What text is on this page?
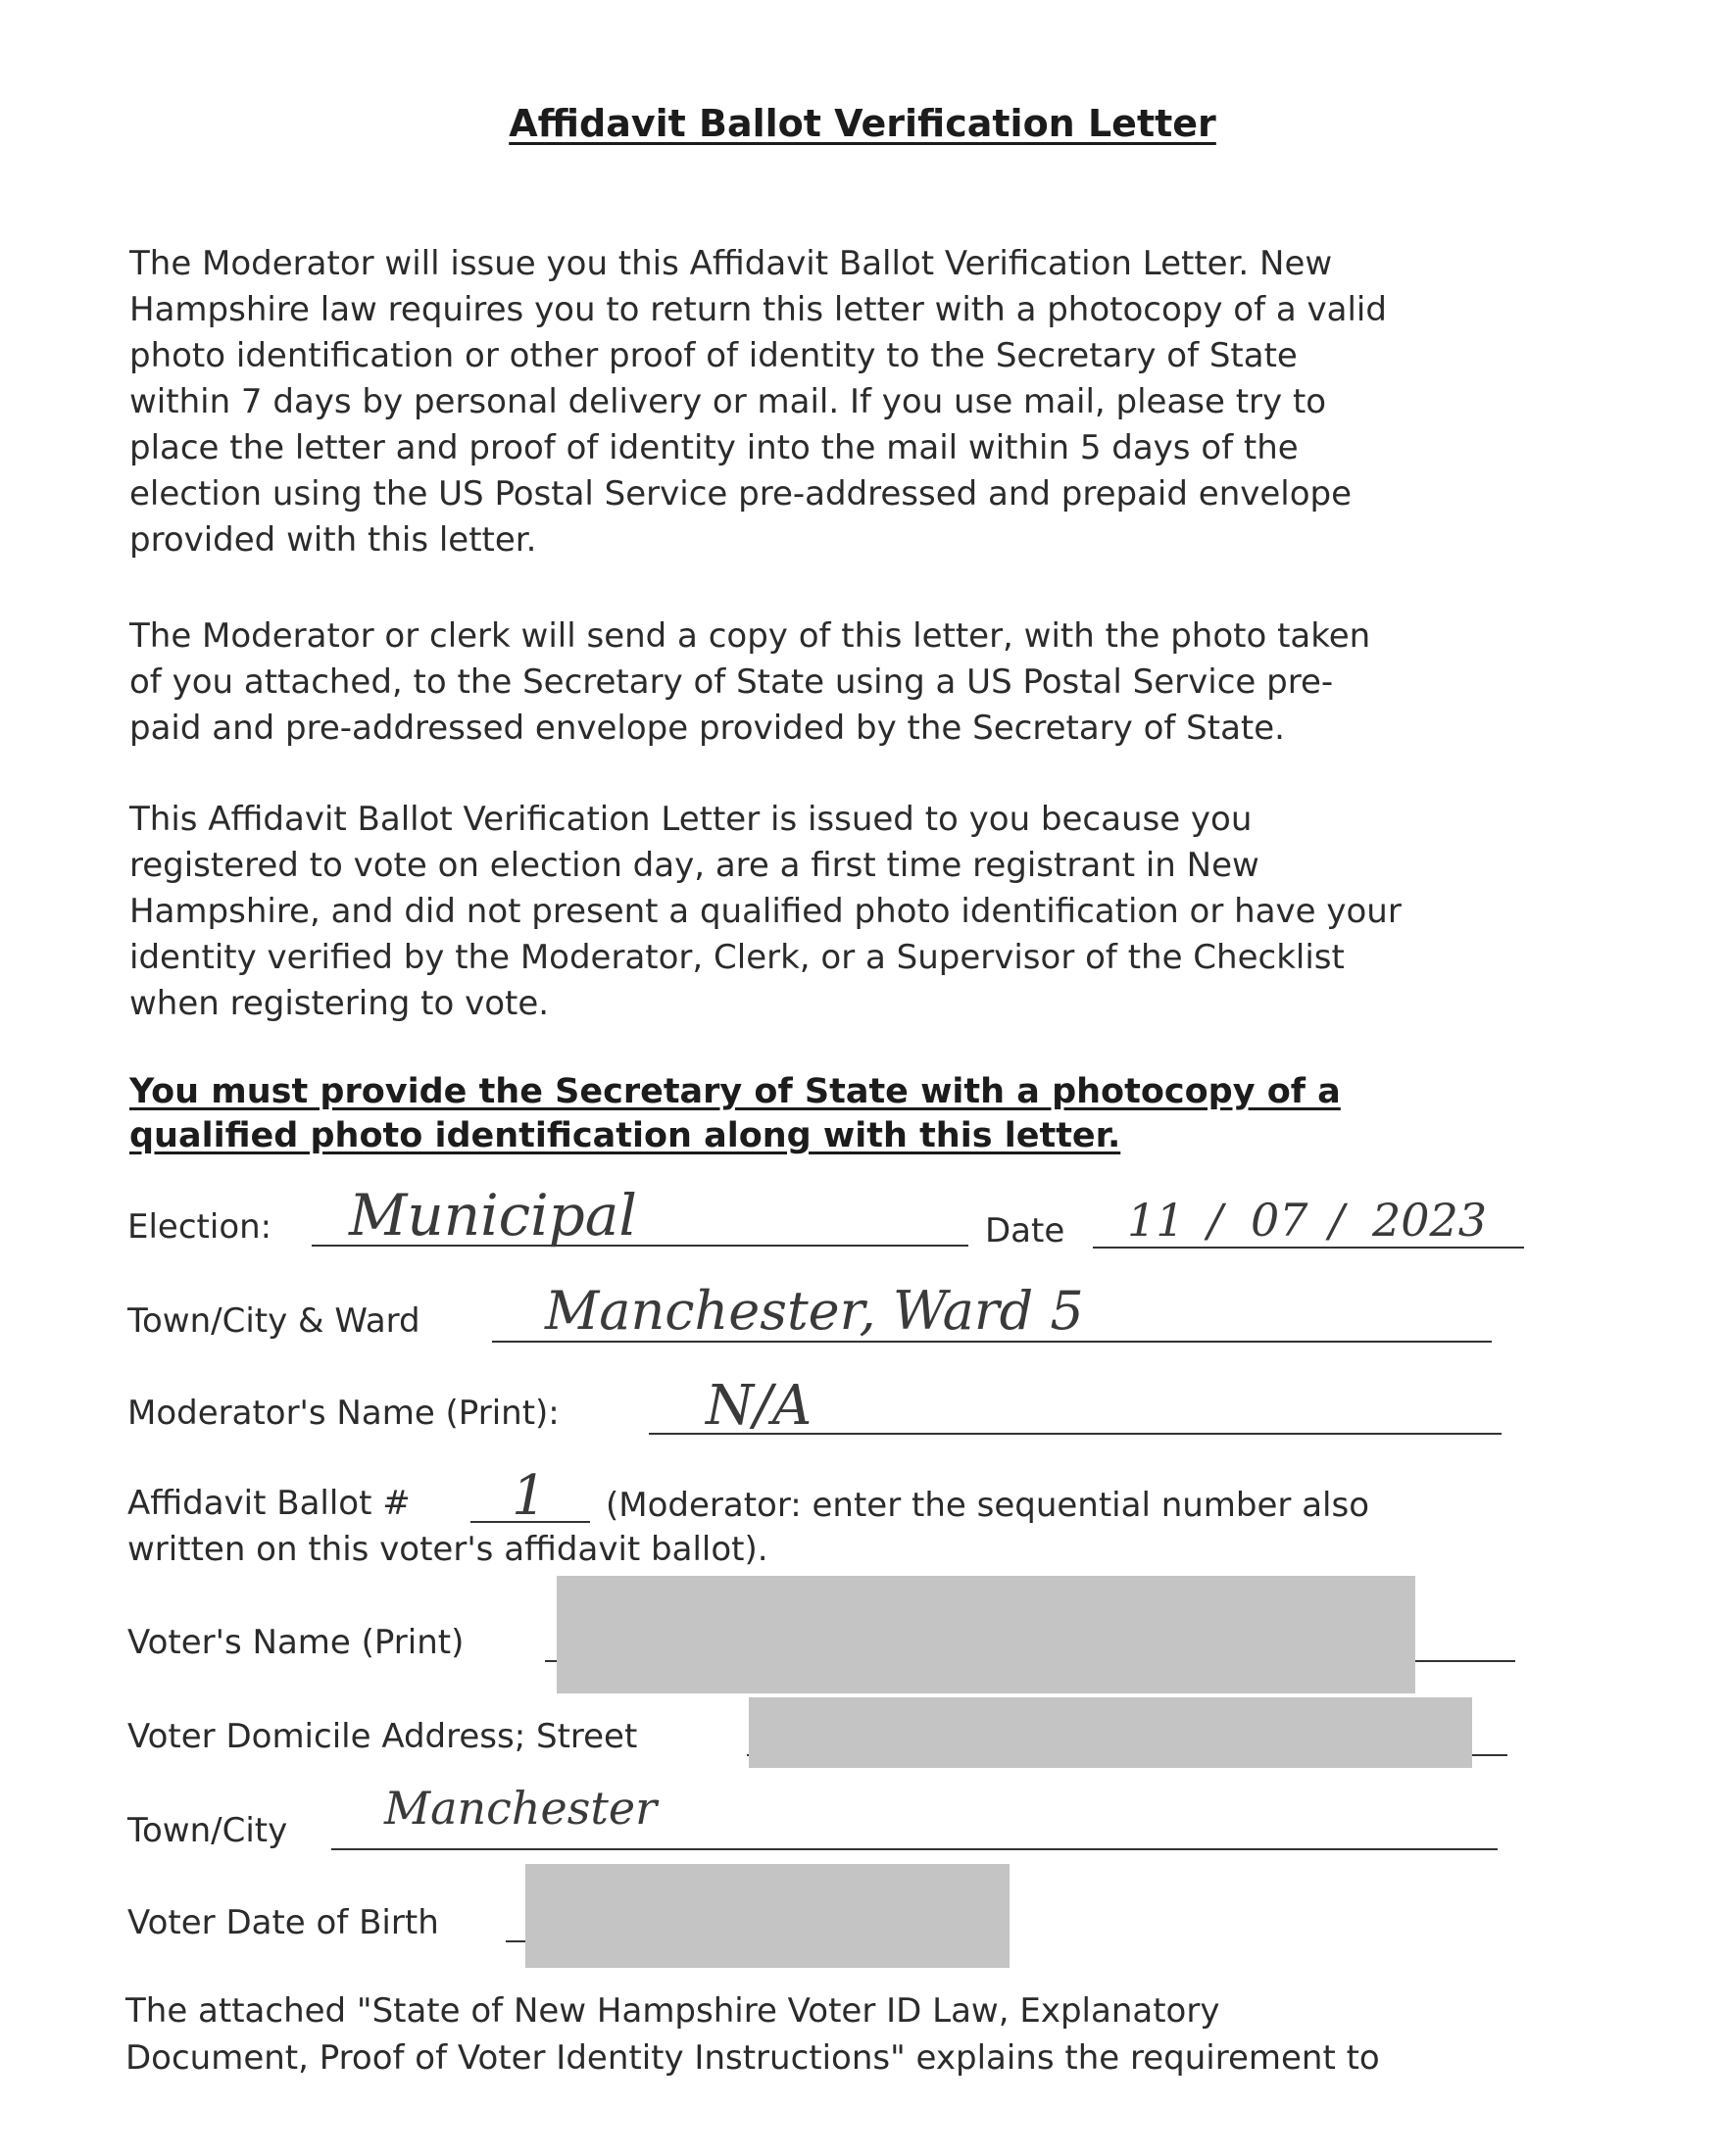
Affidavit Ballot Verification Letter
The Moderator will issue you this Affidavit Ballot Verification Letter. New
Hampshire law requires you to return this letter with a photocopy of a valid
photo identification or other proof of identity to the Secretary of State
within 7 days by personal delivery or mail. If you use mail, please try to
place the letter and proof of identity into the mail within 5 days of the
election using the US Postal Service pre-addressed and prepaid envelope
provided with this letter.
The Moderator or clerk will send a copy of this letter, with the photo taken
of you attached, to the Secretary of State using a US Postal Service pre-
paid and pre-addressed envelope provided by the Secretary of State.
This Affidavit Ballot Verification Letter is issued to you because you
registered to vote on election day, are a first time registrant in New
Hampshire, and did not present a qualified photo identification or have your
identity verified by the Moderator, Clerk, or a Supervisor of the Checklist
when registering to vote.
You must provide the Secretary of State with a photocopy of a
qualified photo identification along with this letter.
Election: Municipal	Date 11 / 07 / 2023
Town/City & Ward Manchester, Ward 5
Moderator's Name (Print):	N/A
Affidavit Ballot # 1 (Moderator: enter the sequential number also
written on this voter's affidavit ballot).
Voter's Name (Print)
Voter Domicile Address; Street
Town/City Manchester
Voter Date of Birth
The attached "State of New Hampshire Voter ID Law, Explanatory
Document, Proof of Voter Identity Instructions" explains the requirement to
